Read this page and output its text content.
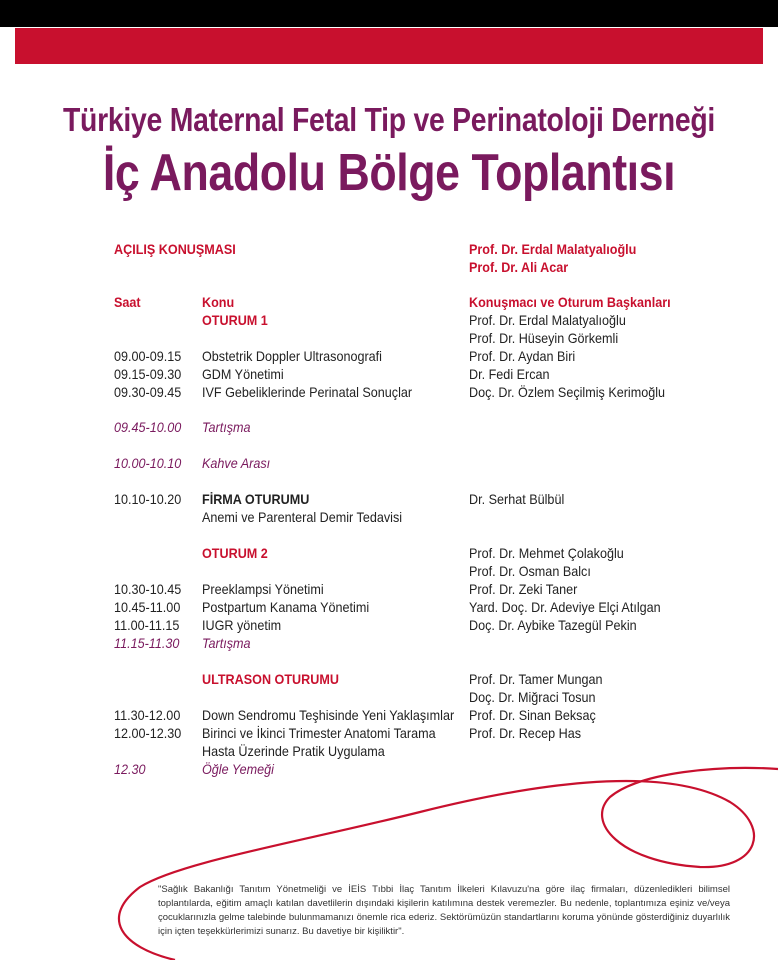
Türkiye Maternal Fetal Tip ve Perinatoloji Derneği
İç Anadolu Bölge Toplantısı
AÇILIŞ KONUŞMASI	Prof. Dr. Erdal Malatyalıoğlu
Prof. Dr. Ali Acar
Saat	Konu	Konuşmacı ve Oturum Başkanları
OTURUM 1	Prof. Dr. Erdal Malatyalıoğlu
Prof. Dr. Hüseyin Görkemli
09.00-09.15 Obstetrik Doppler Ultrasonografi	Prof. Dr. Aydan Biri
09.15-09.30 GDM Yönetimi	Dr. Fedi Ercan
09.30-09.45 IVF Gebeliklerinde Perinatal Sonuçlar	Doç. Dr. Özlem Seçilmiş Kerimoğlu
09.45-10.00 Tartışma
10.00-10.10 Kahve Arası
10.10-10.20 FİRMA OTURUMU	Dr. Serhat Bülbül
Anemi ve Parenteral Demir Tedavisi
OTURUM 2	Prof. Dr. Mehmet Çolakoğlu
Prof. Dr. Osman Balcı
10.30-10.45 Preeklampsi Yönetimi	Prof. Dr. Zeki Taner
10.45-11.00 Postpartum Kanama Yönetimi	Yard. Doç. Dr. Adeviye Elçi Atılgan
11.00-11.15 IUGR yönetim	Doç. Dr. Aybike Tazegül Pekin
11.15-11.30 Tartışma
ULTRASON OTURUMU	Prof. Dr. Tamer Mungan
Doç. Dr. Miğraci Tosun
11.30-12.00 Down Sendromu Teşhisinde Yeni Yaklaşımlar Prof. Dr. Sinan Beksaç
12.00-12.30 Birinci ve İkinci Trimester Anatomi Tarama Prof. Dr. Recep Has
Hasta Üzerinde Pratik Uygulama
12.30	Öğle Yemeği
"Sağlık Bakanlığı Tanıtım Yönetmeliği ve İEİS Tıbbi İlaç Tanıtım İlkeleri Kılavuzu'na göre ilaç firmaları, düzenledikleri bilimsel toplantılarda, eğitim amaçlı katılan davetlilerin dışındaki kişilerin katılımına destek veremezler. Bu nedenle, toplantımıza eşiniz ve/veya çocuklarınızla gelme talebinde bulunmamanızı önemle rica ederiz. Sektörümüzün standartlarını koruma yönünde gösterdiğiniz duyarlılık için içten teşekkürlerimizi sunarız. Bu davetiye bir kişiliktir".
